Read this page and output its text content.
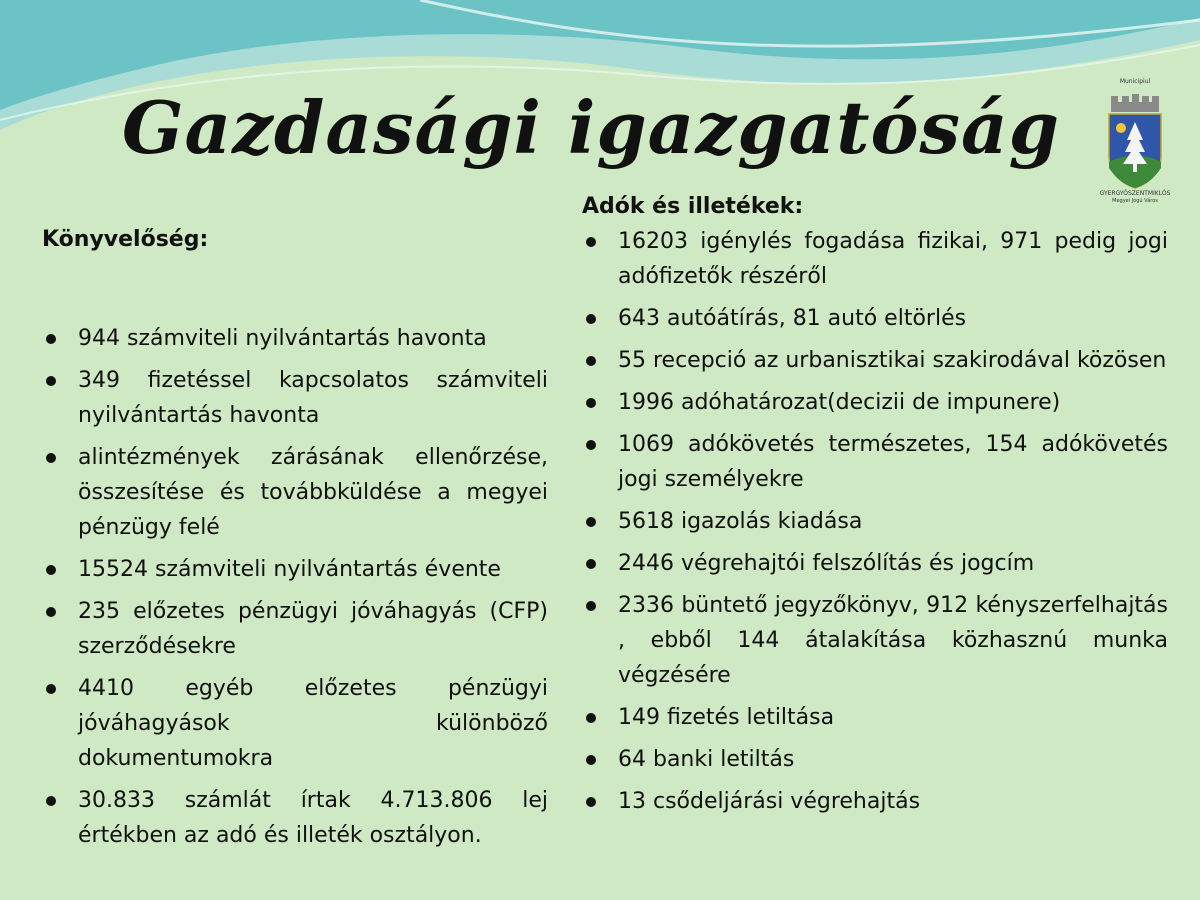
Gazdasági igazgatóság
Municipiul
GYERGYÓSZENTMIKLÓS
Megyei Jogú Város

Könyvelőség:

944 számviteli nyilvántartás havonta
349 fizetéssel kapcsolatos számviteli nyilvántartás havonta
alintézmények zárásának ellenőrzése, összesítése és továbbküldése a megyei pénzügy felé
15524 számviteli nyilvántartás évente
235 előzetes pénzügyi jóváhagyás (CFP) szerződésekre
4410 egyéb előzetes pénzügyi jóváhagyások különböző dokumentumokra
30.833 számlát írtak 4.713.806 lej értékben az adó és illeték osztályon.

Adók és illetékek:

16203 igénylés fogadása fizikai, 971 pedig jogi adófizetők részéről
643 autóátírás, 81 autó eltörlés
55 recepció az urbanisztikai szakirodával közösen
1996 adóhatározat(decizii de impunere)
1069 adókövetés természetes, 154 adókövetés jogi személyekre
5618 igazolás kiadása
2446 végrehajtói felszólítás és jogcím
2336 büntető jegyzőkönyv, 912 kényszerfelhajtás , ebből 144 átalakítása közhasznú munka végzésére
149 fizetés letiltása
64 banki letiltás
13 csődeljárási végrehajtás
